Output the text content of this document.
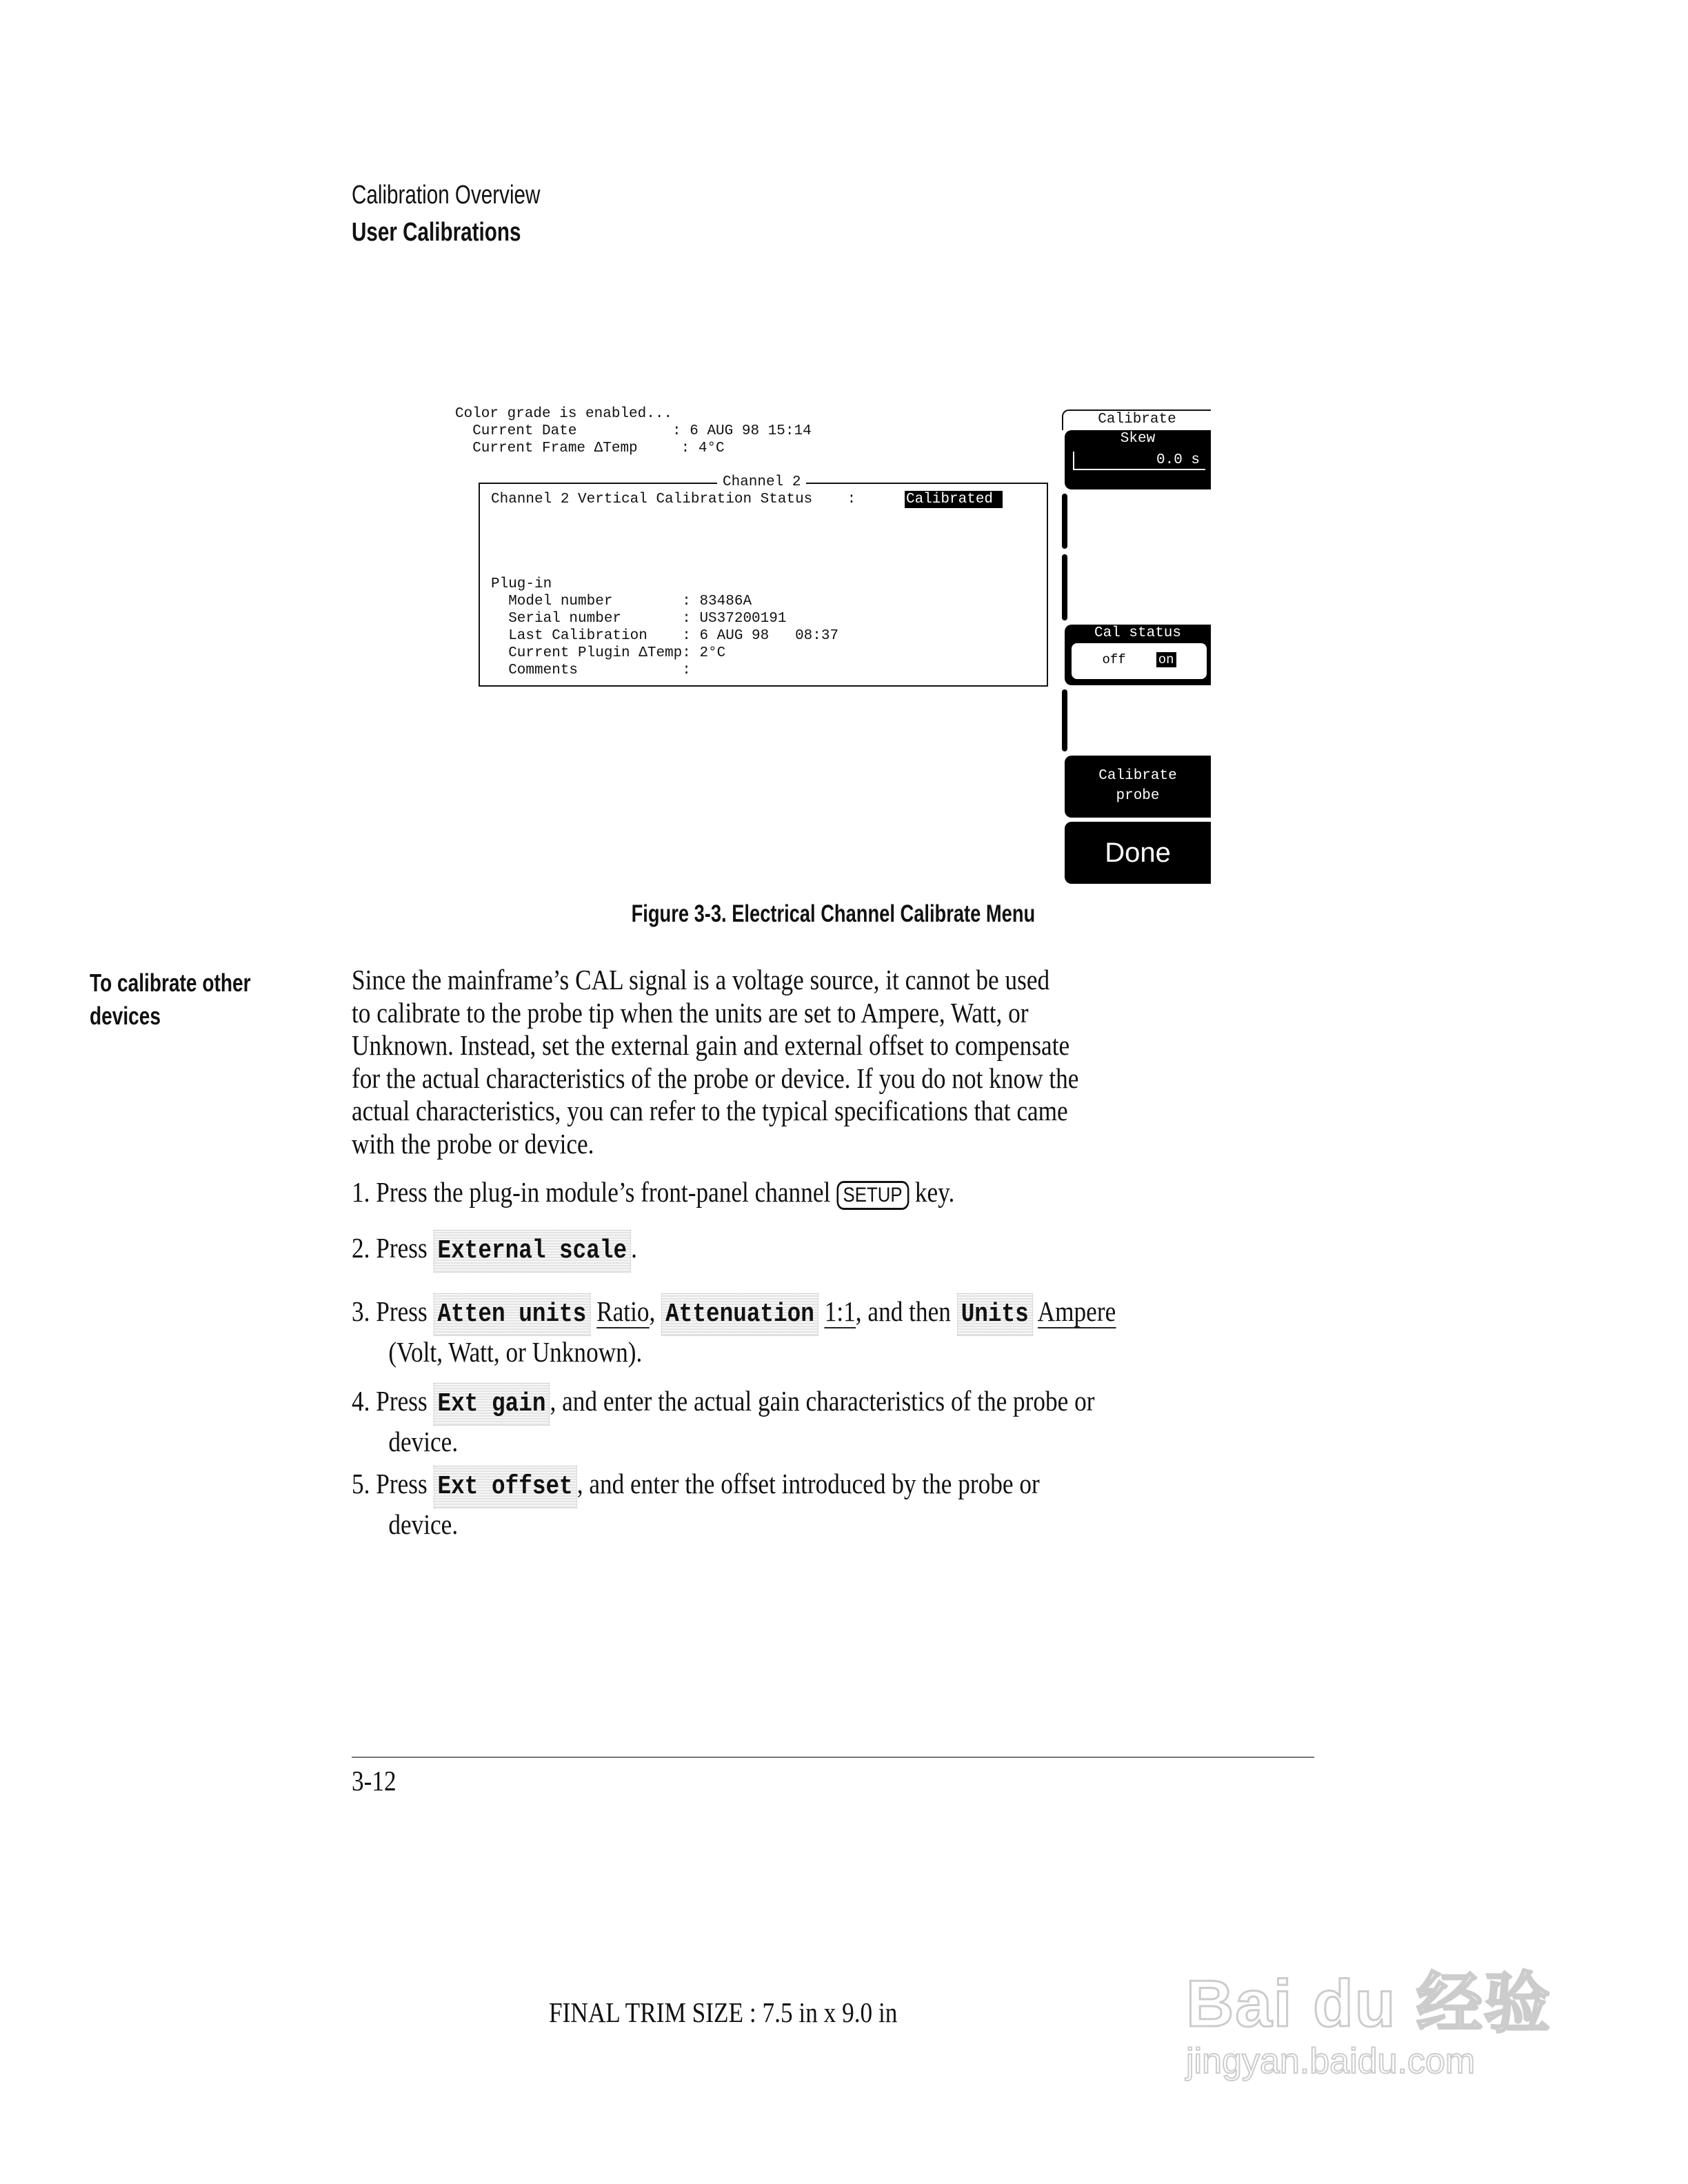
Calibration Overview
User Calibrations
Color grade is enabled...
Current Date           : 6 AUG 98 15:14
Current Frame ΔTemp     : 4°C
Channel 2
Channel 2 Vertical Calibration Status    :	Calibrated
Plug-in
Model number        : 83486A
Serial number       : US37200191
Last Calibration    : 6 AUG 98   08:37
Current Plugin ΔTemp: 2°C
Comments            :
Calibrate
Skew
0.0 s
Cal status
off on
Calibrate
probe
Done
Figure 3-3. Electrical Channel Calibrate Menu
To calibrate other
devices
Since the mainframe’s CAL signal is a voltage source, it cannot be used
to calibrate to the probe tip when the units are set to Ampere, Watt, or
Unknown. Instead, set the external gain and external offset to compensate
for the actual characteristics of the probe or device. If you do not know the
actual characteristics, you can refer to the typical specifications that came
with the probe or device.
1. Press the plug-in module’s front-panel channel SETUP key.
2. Press External scale .
3. Press Atten units Ratio, Attenuation 1:1, and then Units Ampere
(Volt, Watt, or Unknown).
4. Press Ext gain , and enter the actual gain characteristics of the probe or
device.
5. Press Ext offset , and enter the offset introduced by the probe or
device.
3-12
FINAL TRIM SIZE : 7.5 in x 9.0 in	Bai du 经验
jingyan.baidu.com
